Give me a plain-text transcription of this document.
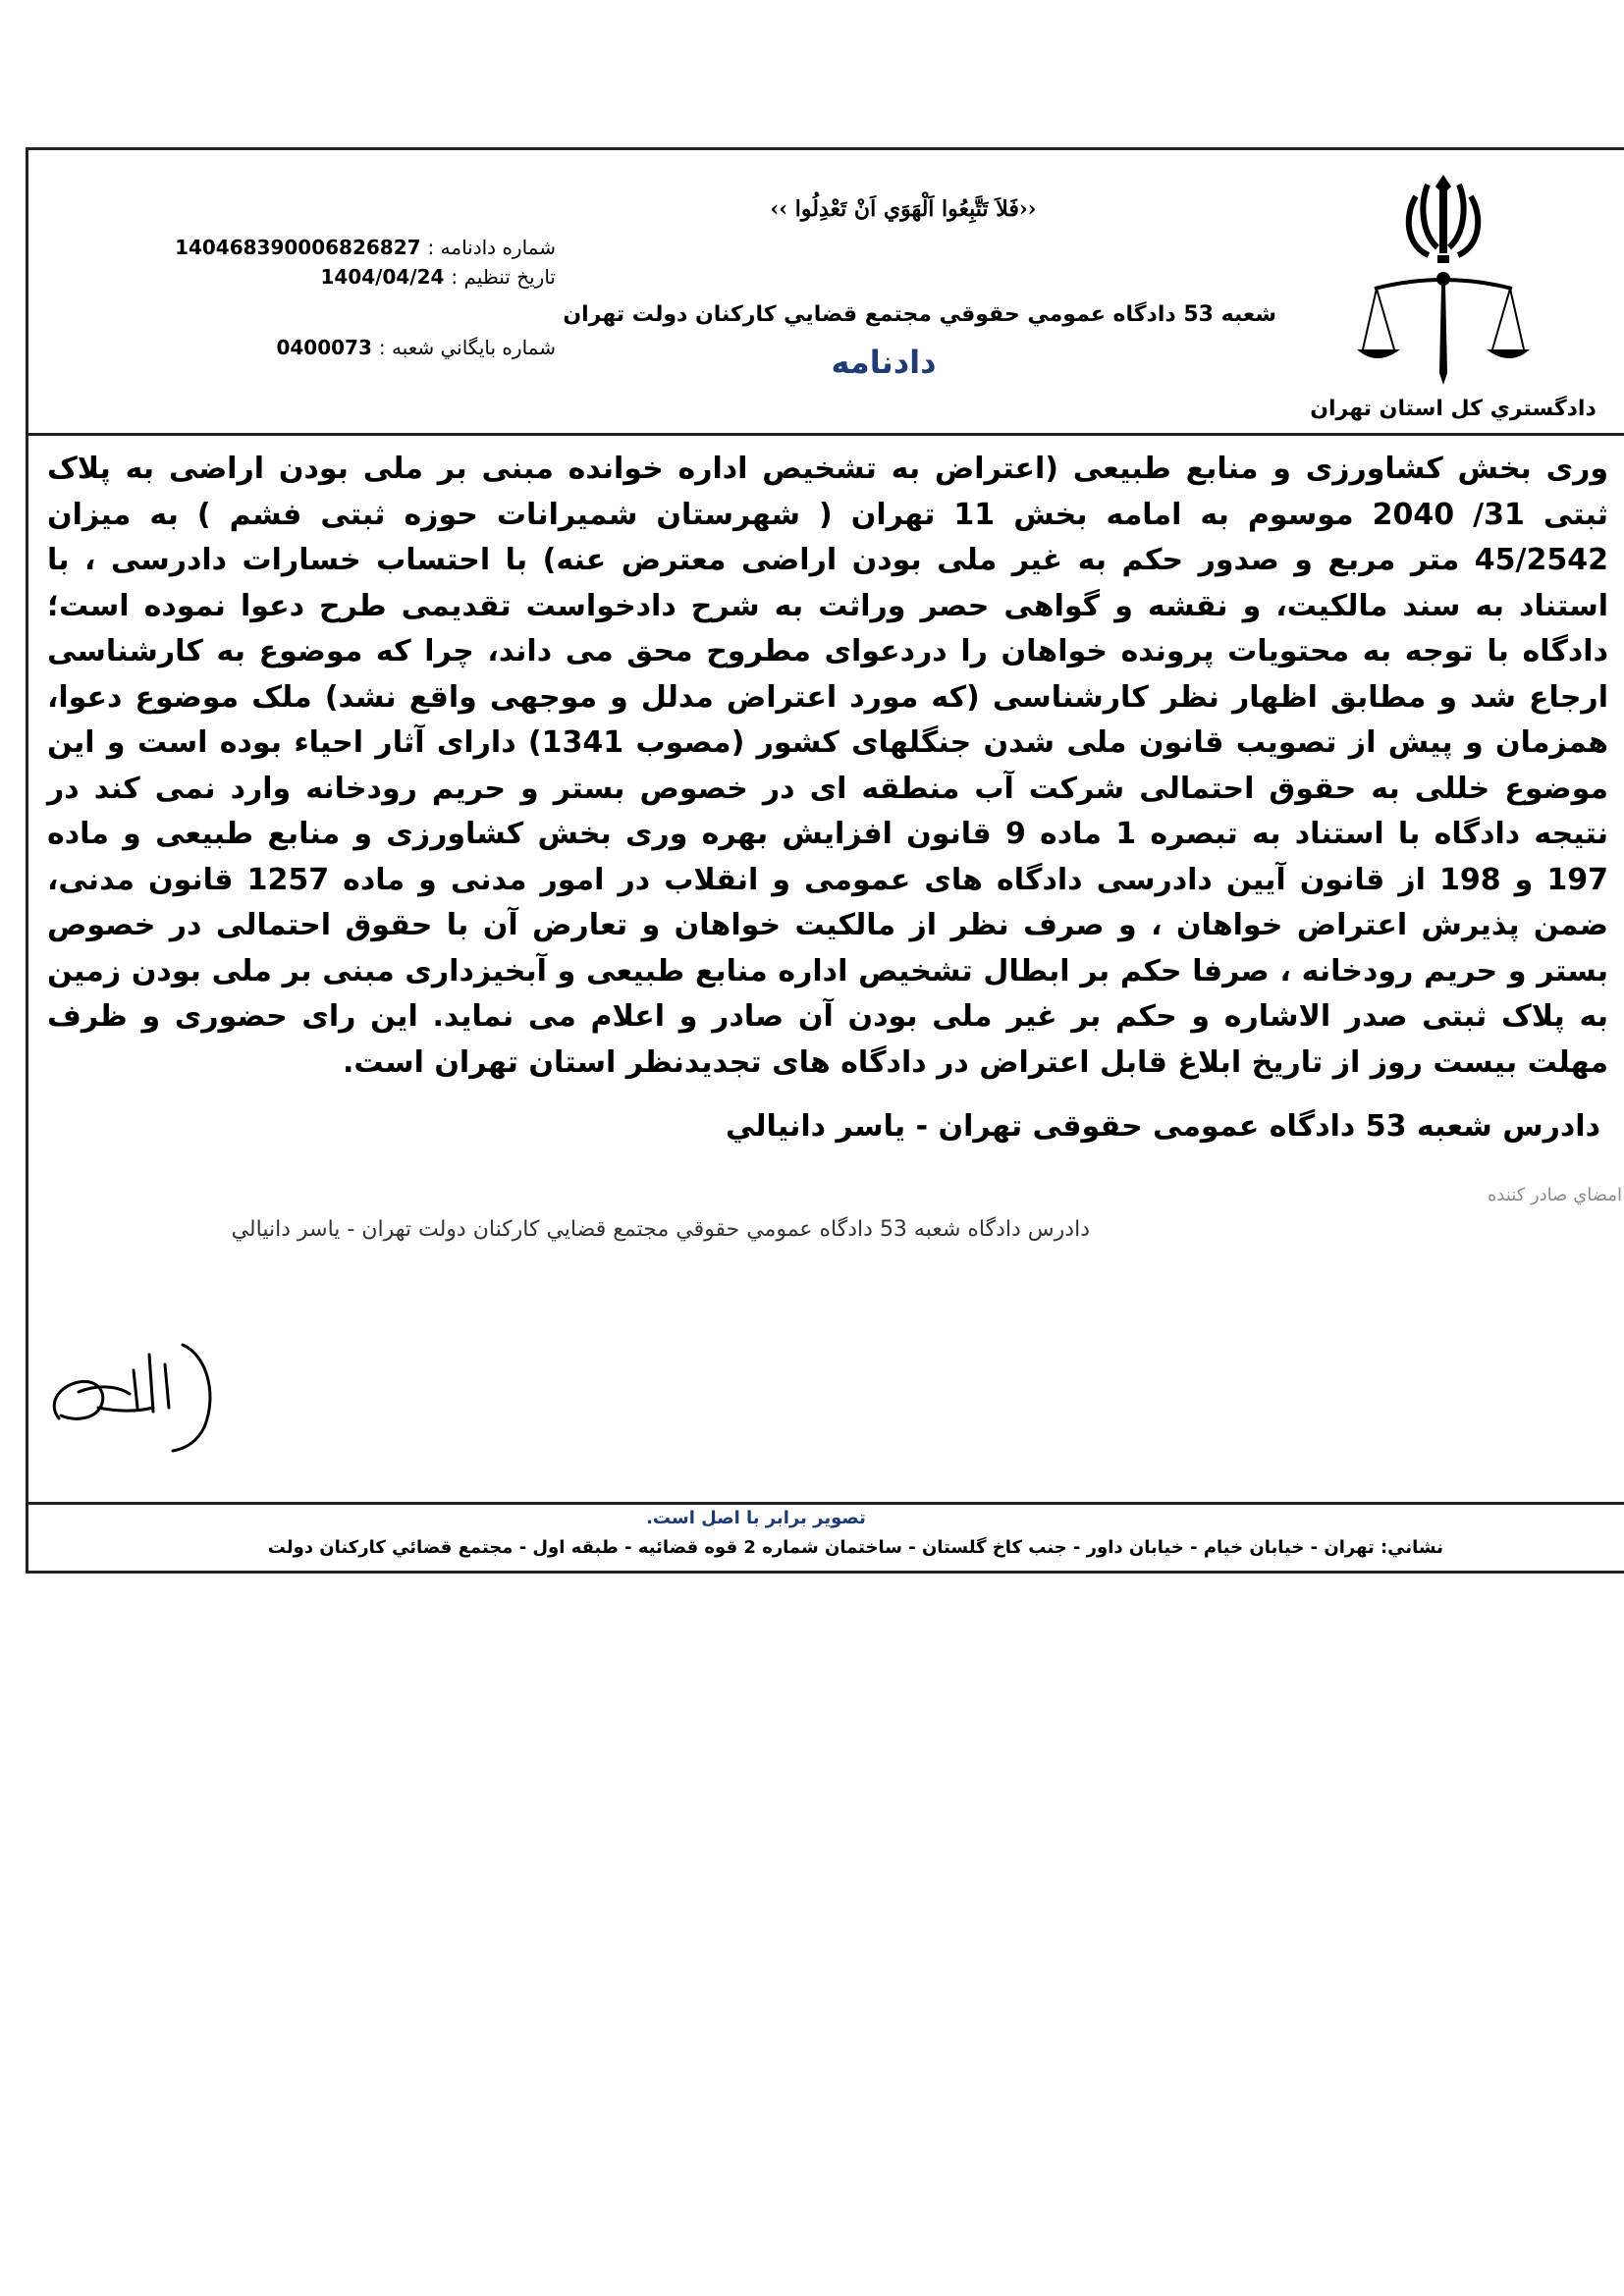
دادگستري کل استان تهران
‹‹فَلاَ تَتَّبِعُوا اَلْهَوَي اَنْ تَعْدِلُوا ››
شعبه 53 دادگاه عمومي حقوقي مجتمع قضايي کارکنان دولت تهران
دادنامه
شماره دادنامه : 140468390006826827
تاريخ تنظيم : 1404/04/24
شماره بايگاني شعبه : 0400073
وری بخش کشاورزی و منابع طبیعی (اعتراض به تشخیص اداره خوانده مبنی بر ملی بودن اراضی به پلاک ثبتی 31/ 2040 موسوم به امامه بخش 11 تهران ( شهرستان شمیرانات حوزه ثبتی فشم ) به میزان 45/2542 متر مربع و صدور حکم به غیر ملی بودن اراضی معترض عنه) با احتساب خسارات دادرسی ، با استناد به سند مالکیت، و نقشه و گواهی حصر وراثت به شرح دادخواست تقدیمی طرح دعوا نموده است؛ دادگاه با توجه به محتویات پرونده خواهان را دردعوای مطروح محق می داند، چرا که موضوع به کارشناسی ارجاع شد و مطابق اظهار نظر کارشناسی (که مورد اعتراض مدلل و موجهی واقع نشد) ملک موضوع دعوا، همزمان و پیش از تصویب قانون ملی شدن جنگلهای کشور (مصوب 1341) دارای آثار احیاء بوده است و این موضوع خللی به حقوق احتمالی شرکت آب منطقه ای در خصوص بستر و حریم رودخانه وارد نمی کند در نتیجه دادگاه با استناد به تبصره 1 ماده 9 قانون افزایش بهره وری بخش کشاورزی و منابع طبیعی و ماده 197 و 198 از قانون آیین دادرسی دادگاه های عمومی و انقلاب در امور مدنی و ماده 1257 قانون مدنی، ضمن پذیرش اعتراض خواهان ، و صرف نظر از مالکیت خواهان و تعارض آن با حقوق احتمالی در خصوص بستر و حریم رودخانه ، صرفا حکم بر ابطال تشخیص اداره منابع طبیعی و آبخیزداری مبنی بر ملی بودن زمین به پلاک ثبتی صدر الاشاره و حکم بر غیر ملی بودن آن صادر و اعلام می نماید. این رای حضوری و ظرف مهلت بیست روز از تاریخ ابلاغ قابل اعتراض در دادگاه های تجدیدنظر استان تهران است.
دادرس شعبه 53 دادگاه عمومی حقوقی تهران - یاسر دانیالي
امضاي صادر کننده
دادرس دادگاه شعبه 53 دادگاه عمومي حقوقي مجتمع قضايي کارکنان دولت تهران - ياسر دانيالي
تصوير برابر با اصل است.
نشاني: تهران - خیابان خیام - خیابان داور - جنب کاخ گلستان - ساختمان شماره 2 قوه قضائیه - طبقه اول - مجتمع قضائي کارکنان دولت
